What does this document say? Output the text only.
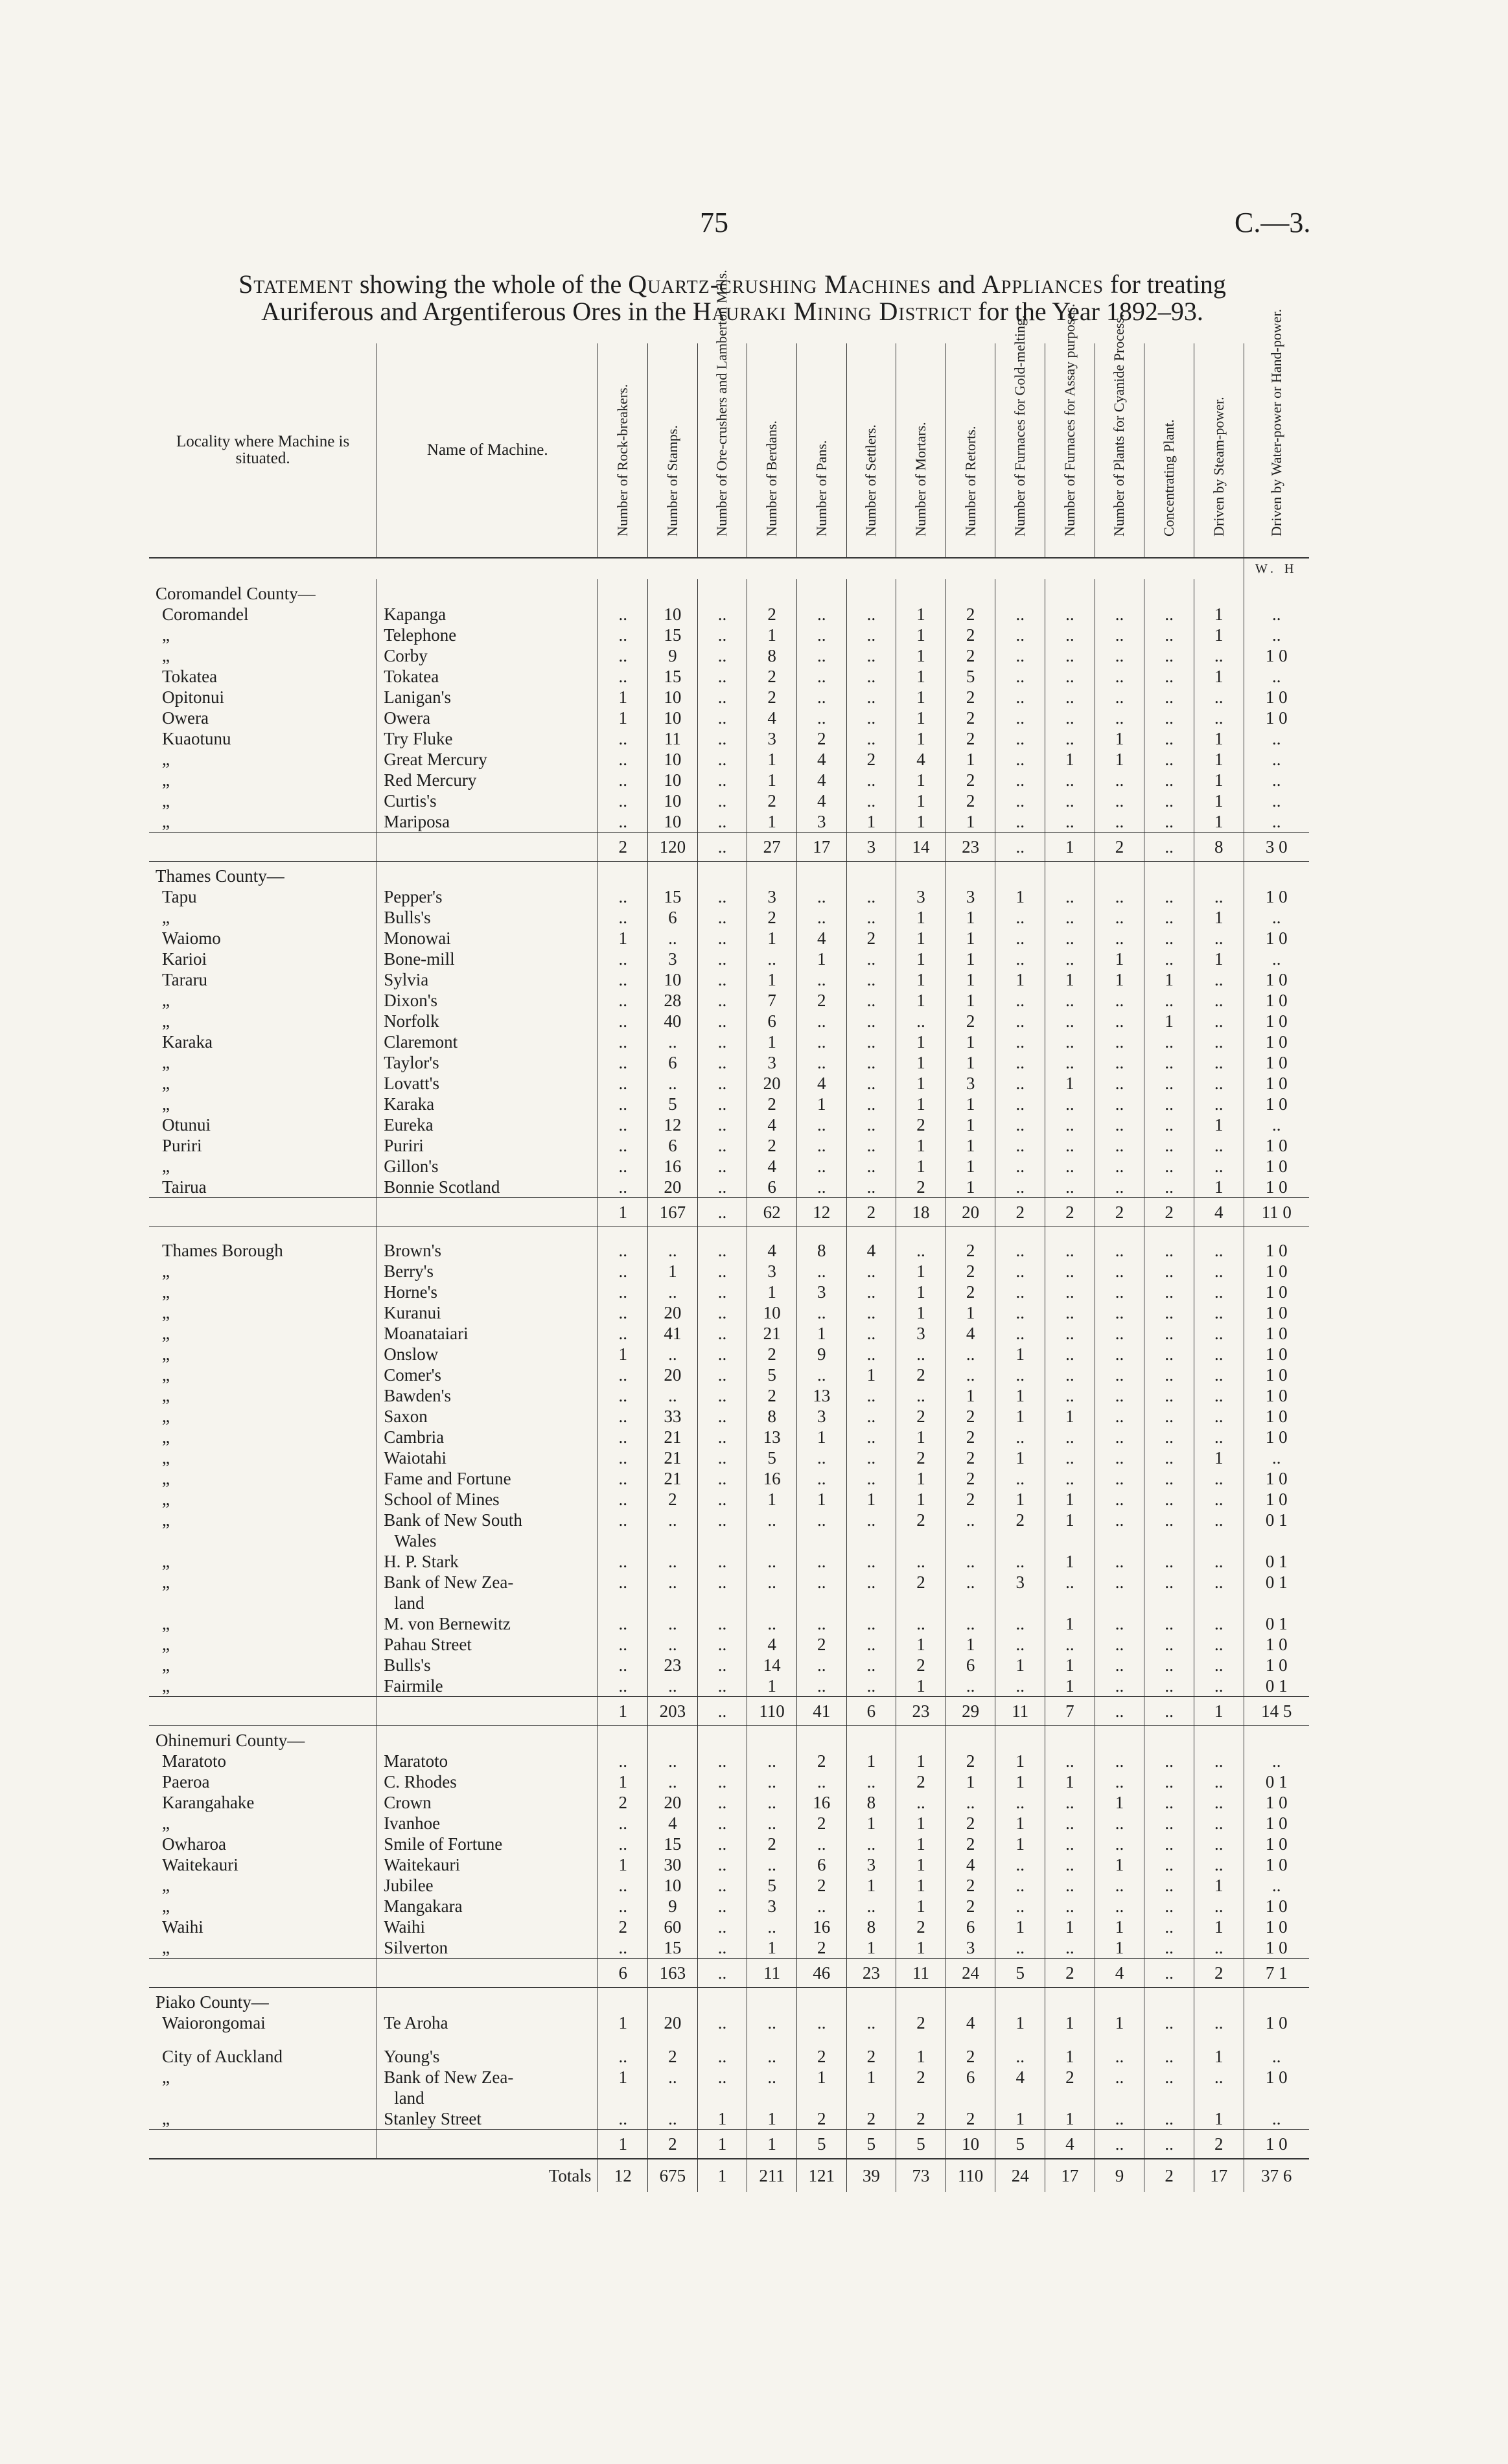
75	C.—3.
Statement showing the whole of the Quartz-crushing Machines and Appliances for treating
Auriferous and Argentiferous Ores in the Hauraki Mining District for the Year 1892–93.
Locality where Machine is situated.	Name of Machine.	Number of Rock-breakers.	Number of Stamps.	Number of Ore-crushers and Lamberton Mills.	Number of Berdans.	Number of Pans.	Number of Settlers.	Number of Mortars.	Number of Retorts.	Number of Furnaces for Gold-melting.	Number of Furnaces for Assay purposes.	Number of Plants for Cyanide Process.	Concentrating Plant.	Driven by Steam-power.	Driven by Water-power or Hand-power.

															W. H
Coromandel County—															
Coromandel	Kapanga	..	10	..	2	..	..	1	2	..	..	..	..	1	..
„	Telephone	..	15	..	1	..	..	1	2	..	..	..	..	1	..
„	Corby	..	9	..	8	..	..	1	2	..	..	..	..	..	1 0
Tokatea	Tokatea	..	15	..	2	..	..	1	5	..	..	..	..	1	..
Opitonui	Lanigan's	1	10	..	2	..	..	1	2	..	..	..	..	..	1 0
Owera	Owera	1	10	..	4	..	..	1	2	..	..	..	..	..	1 0
Kuaotunu	Try Fluke	..	11	..	3	2	..	1	2	..	..	1	..	1	..
„	Great Mercury	..	10	..	1	4	2	4	1	..	1	1	..	1	..
„	Red Mercury	..	10	..	1	4	..	1	2	..	..	..	..	1	..
„	Curtis's	..	10	..	2	4	..	1	2	..	..	..	..	1	..
„	Mariposa	..	10	..	1	3	1	1	1	..	..	..	..	1	..
		2	120	..	27	17	3	14	23	..	1	2	..	8	3 0
Thames County—															
Tapu	Pepper's	..	15	..	3	..	..	3	3	1	..	..	..	..	1 0
„	Bulls's	..	6	..	2	..	..	1	1	..	..	..	..	1	..
Waiomo	Monowai	1	..	..	1	4	2	1	1	..	..	..	..	..	1 0
Karioi	Bone-mill	..	3	..	..	1	..	1	1	..	..	1	..	1	..
Tararu	Sylvia	..	10	..	1	..	..	1	1	1	1	1	1	..	1 0
„	Dixon's	..	28	..	7	2	..	1	1	..	..	..	..	..	1 0
„	Norfolk	..	40	..	6	..	..	..	2	..	..	..	1	..	1 0
Karaka	Claremont	..	..	..	1	..	..	1	1	..	..	..	..	..	1 0
„	Taylor's	..	6	..	3	..	..	1	1	..	..	..	..	..	1 0
„	Lovatt's	..	..	..	20	4	..	1	3	..	1	..	..	..	1 0
„	Karaka	..	5	..	2	1	..	1	1	..	..	..	..	..	1 0
Otunui	Eureka	..	12	..	4	..	..	2	1	..	..	..	..	1	..
Puriri	Puriri	..	6	..	2	..	..	1	1	..	..	..	..	..	1 0
„	Gillon's	..	16	..	4	..	..	1	1	..	..	..	..	..	1 0
Tairua	Bonnie Scotland	..	20	..	6	..	..	2	1	..	..	..	..	1	1 0
		1	167	..	62	12	2	18	20	2	2	2	2	4	11 0

Thames Borough	Brown's	..	..	..	4	8	4	..	2	..	..	..	..	..	1 0
„	Berry's	..	1	..	3	..	..	1	2	..	..	..	..	..	1 0
„	Horne's	..	..	..	1	3	..	1	2	..	..	..	..	..	1 0
„	Kuranui	..	20	..	10	..	..	1	1	..	..	..	..	..	1 0
„	Moanataiari	..	41	..	21	1	..	3	4	..	..	..	..	..	1 0
„	Onslow	1	..	..	2	9	..	..	..	1	..	..	..	..	1 0
„	Comer's	..	20	..	5	..	1	2	..	..	..	..	..	..	1 0
„	Bawden's	..	..	..	2	13	..	..	1	1	..	..	..	..	1 0
„	Saxon	..	33	..	8	3	..	2	2	1	1	..	..	..	1 0
„	Cambria	..	21	..	13	1	..	1	2	..	..	..	..	..	1 0
„	Waiotahi	..	21	..	5	..	..	2	2	1	..	..	..	1	..
„	Fame and Fortune	..	21	..	16	..	..	1	2	..	..	..	..	..	1 0
„	School of Mines	..	2	..	1	1	1	1	2	1	1	..	..	..	1 0
„	Bank of New South	..	..	..	..	..	..	2	..	2	1	..	..	..	0 1
	Wales														
„	H. P. Stark	..	..	..	..	..	..	..	..	..	1	..	..	..	0 1
„	Bank of New Zea-	..	..	..	..	..	..	2	..	3	..	..	..	..	0 1
	land														
„	M. von Bernewitz	..	..	..	..	..	..	..	..	..	1	..	..	..	0 1
„	Pahau Street	..	..	..	4	2	..	1	1	..	..	..	..	..	1 0
„	Bulls's	..	23	..	14	..	..	2	6	1	1	..	..	..	1 0
„	Fairmile	..	..	..	1	..	..	1	..	..	1	..	..	..	0 1
		1	203	..	110	41	6	23	29	11	7	..	..	1	14 5
Ohinemuri County—															
Maratoto	Maratoto	..	..	..	..	2	1	1	2	1	..	..	..	..	..
Paeroa	C. Rhodes	1	..	..	..	..	..	2	1	1	1	..	..	..	0 1
Karangahake	Crown	2	20	..	..	16	8	..	..	..	..	1	..	..	1 0
„	Ivanhoe	..	4	..	..	2	1	1	2	1	..	..	..	..	1 0
Owharoa	Smile of Fortune	..	15	..	2	..	..	1	2	1	..	..	..	..	1 0
Waitekauri	Waitekauri	1	30	..	..	6	3	1	4	..	..	1	..	..	1 0
„	Jubilee	..	10	..	5	2	1	1	2	..	..	..	..	1	..
„	Mangakara	..	9	..	3	..	..	1	2	..	..	..	..	..	1 0
Waihi	Waihi	2	60	..	..	16	8	2	6	1	1	1	..	1	1 0
„	Silverton	..	15	..	1	2	1	1	3	..	..	1	..	..	1 0
		6	163	..	11	46	23	11	24	5	2	4	..	2	7 1
Piako County—															
Waiorongomai	Te Aroha	1	20	..	..	..	..	2	4	1	1	1	..	..	1 0

City of Auckland	Young's	..	2	..	..	2	2	1	2	..	1	..	..	1	..
„	Bank of New Zea-	1	..	..	..	1	1	2	6	4	2	..	..	..	1 0
	land														
„	Stanley Street	..	..	1	1	2	2	2	2	1	1	..	..	1	..
		1	2	1	1	5	5	5	10	5	4	..	..	2	1 0
	Totals	12	675	1	211	121	39	73	110	24	17	9	2	17	37 6
